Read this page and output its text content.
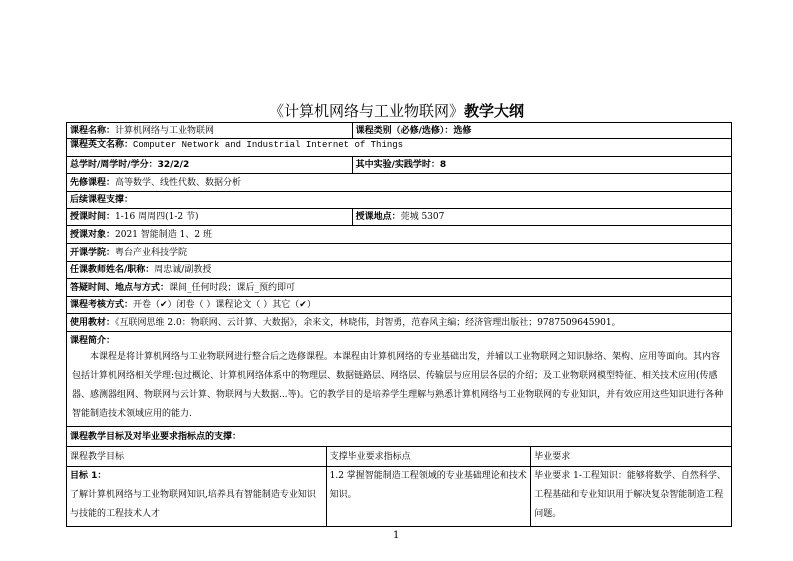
《计算机网络与工业物联网》教学大纲
课程名称：计算机网络与工业物联网		课程类别（必修/选修）：选修	
课程英文名称：Computer Network and Industrial Internet of Things			
总学时/周学时/学分：32/2/2		其中实验/实践学时：8	
先修课程：高等数学、线性代数、数据分析			
后续课程支撑：			
授课时间：1-16 周周四(1-2 节)		授课地点：莞城 5307	
授课对象：2021 智能制造 1、2 班			
开课学院：粤台产业科技学院			
任课教师姓名/职称：周忠诚/副教授			
答疑时间、地点与方式：课间_任何时段；课后_预约即可			
课程考核方式：开卷（✔）闭卷（ ）课程论文（ ）其它（✔）			
使用教材：《互联网思维 2.0：物联网、云计算、大数据》，余来文，林晓伟，封智勇，范春风主编；经济管理出版社；9787509645901。			

课程简介：
本课程是将计算机网络与工业物联网进行整合后之选修课程。本课程由计算机网络的专业基础出发，并辅以工业物联网之知识脉络、架构、应用等面向。其内容包括计算机网络相关学理:包过概论、计算机网络体系中的物理层、数据链路层、网络层、传输层与应用层各层的介绍；及工业物联网模型特征、相关技术应用(传感器、感测器组网、物联网与云计算、物联网与大数据...等)。它的教学目的是培养学生理解与熟悉计算机网络与工业物联网的专业知识，并有效应用这些知识进行各种智能制造技术领域应用的能力.			

课程教学目标及对毕业要求指标点的支撑：			
课程教学目标	支撑毕业要求指标点		毕业要求

目标 1：
了解计算机网络与工业物联网知识,培养具有智能制造专业知识与技能的工程技术人才	1.2 掌握智能制造工程领域的专业基础理论和技术知识。		毕业要求 1-工程知识：能够将数学、自然科学、工程基础和专业知识用于解决复杂智能制造工程问题。
1
